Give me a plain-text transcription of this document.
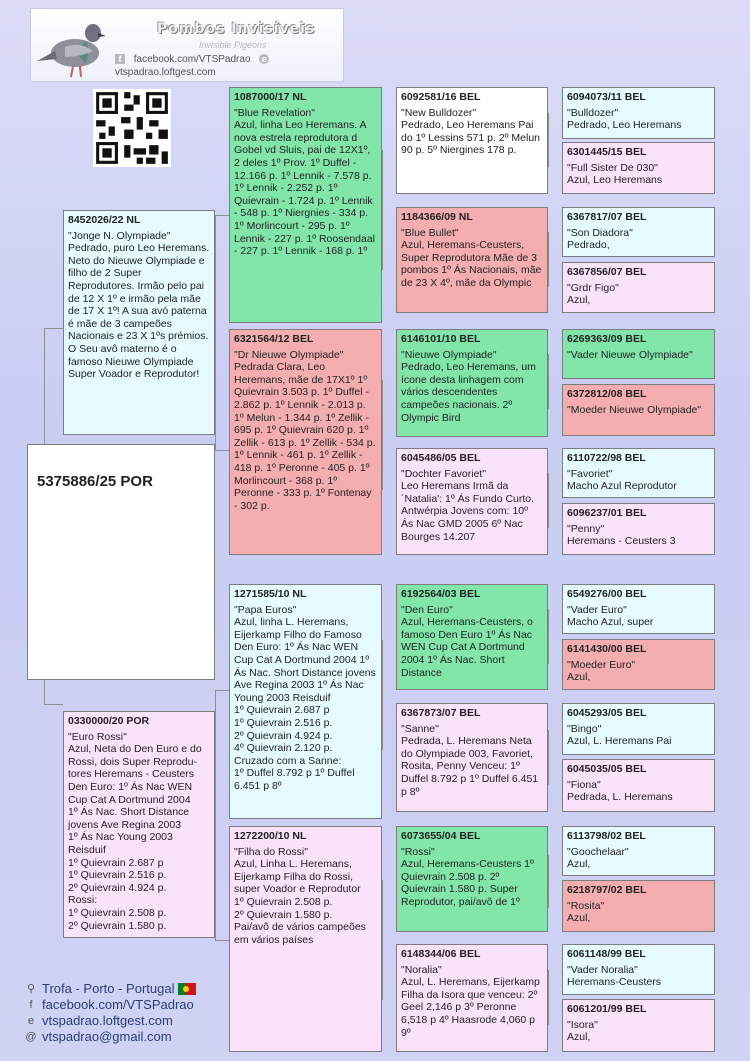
Pombos Invisíveis
Invisible Pigeons
f facebook.com/VTSPadrao e vtspadrao.loftgest.com
5375886/25 POR
8452026/22 NL
"Jonge N. Olympiade"
Pedrado, puro Leo Heremans. Neto do Nieuwe Olympiade e filho de 2 Super Reprodutores. Irmão pelo pai de 12 X 1º e irmão pela mãe de 17 X 1º! A sua avó paterna é mãe de 3 campeões Nacionais e 23 X 1ºs prémios. O Seu avô materno é o famoso Nieuwe Olympiade Super Voador e Reprodutor!
0330000/20 POR
"Euro Rossi"
Azul, Neta do Den Euro e do Rossi, dois Super Reprodu-tores Heremans - Ceusters Den Euro: 1º Ás Nac WEN Cup Cat A Dortmund 2004
1º Ás Nac. Short Distance jovens Ave Regina 2003
1º Ás Nac Young 2003 Reisduif
1º Quievrain 2.687 p
1º Quievrain 2.516 p.
2º Quievrain 4.924 p.
Rossi:
1º Quievrain 2.508 p.
2º Quievrain 1.580 p.
1087000/17 NL
"Blue Revelation"
Azul, linha Leo Heremans. A nova estrela reprodutora d Gobel vd Sluis, pai de 12X1º, 2 deles 1º Prov. 1º Duffel - 12.166 p. 1º Lennik - 7.578 p. 1º Lennik - 2.252 p. 1º Quievrain - 1.724 p. 1º Lennik - 548 p. 1º Niergnies - 334 p. 1º Morlincourt - 295 p. 1º Lennik - 227 p. 1º Roosendaal - 227 p. 1º Lennik - 168 p. 1º
6321564/12 BEL
"Dr Nieuwe Olympiade"
Pedrada Clara, Leo Heremans, mãe de 17X1º 1º Quievrain 3.503 p. 1º Duffel - 2.862 p. 1º Lennik - 2.013 p. 1º Melun - 1.344 p. 1º Zellik - 695 p. 1º Quievrain 620 p. 1º Zellik - 613 p. 1º Zellik - 534 p. 1º Lennik - 461 p. 1º Zellik - 418 p. 1º Peronne - 405 p. 1º Morlincourt - 368 p. 1º Peronne - 333 p. 1º Fontenay - 302 p.
1271585/10 NL
"Papa Euros"
Azul, linha L. Heremans, Eijerkamp Filho do Famoso Den Euro: 1º Ás Nac WEN Cup Cat A Dortmund 2004 1º Ás Nac. Short Distance jovens Ave Regina 2003 1º Ás Nac Young 2003 Reisduif
1º Quievrain 2.687 p
1º Quievrain 2.516 p.
2º Quievrain 4.924 p.
4º Quievrain 2.120 p.
Cruzado com a Sanne:
1º Duffel 8.792 p 1º Duffel 6.451 p 8º
1272200/10 NL
"Filha do Rossi"
Azul, Linha L. Heremans, Eijerkamp Filha do Rossi, super Voador e Reprodutor
1º Quievrain 2.508 p.
2º Quievrain 1.580 p.
Pai/avô de vários campeões em vários países
6092581/16 BEL
"New Bulldozer"
Pedrado, Leo Heremans Pai do 1º Lessins 571 p. 2º Melun 90 p. 5º Niergines 178 p.
1184366/09 NL
"Blue Bullet"
Azul, Heremans-Ceusters, Super Reprodutora Mãe de 3 pombos 1º Ás Nacionais, mãe de 23 X 4º, mãe da Olympic
6146101/10 BEL
"Nieuwe Olympiade"
Pedrado, Leo Heremans, um ícone desta linhagem com vários descendentes campeões nacionais. 2º Olympic Bird
6045486/05 BEL
"Dochter Favoriet"
Leo Heremans Irmã da ´Natalia': 1º Ás Fundo Curto.
Antwérpia Jovens com: 10º Ás Nac GMD 2005 6º Nac Bourges 14.207
6192564/03 BEL
"Den Euro"
Azul, Heremans-Ceusters, o famoso Den Euro 1º Ás Nac WEN Cup Cat A Dortmund 2004 1º Ás Nac. Short Distance
6367873/07 BEL
"Sanne"
Pedrada, L. Heremans Neta do Olympiade 003, Favoriet, Rosita, Penny Venceu: 1º Duffel 8.792 p 1º Duffel 6.451 p 8º
6073655/04 BEL
"Rossi"
Azul, Heremans-Ceusters 1º Quievrain 2.508 p. 2º Quievrain 1.580 p. Super Reprodutor, pai/avô de 1º
6148344/06 BEL
"Noralia"
Azul, L. Heremans, Eijerkamp Filha da Isora que venceu: 2º Geel 2,146 p 3º Peronne 6,518 p 4º Haasrode 4,060 p 9º
6094073/11 BEL
"Bulldozer"
Pedrado, Leo Heremans
6301445/15 BEL
"Full Sister De 030"
Azul, Leo Heremans
6367817/07 BEL
"Son Diadora"
Pedrado,
6367856/07 BEL
"Grdr Figo"
Azul,
6269363/09 BEL
"Vader Nieuwe Olympiade"
6372812/08 BEL
"Moeder Nieuwe Olympiade"
6110722/98 BEL
"Favoriet"
Macho Azul Reprodutor
6096237/01 BEL
"Penny"
Heremans - Ceusters 3
6549276/00 BEL
"Vader Euro"
Macho Azul, super
6141430/00 BEL
"Moeder Euro"
Azul,
6045293/05 BEL
"Bingo"
Azul, L. Heremans Pai
6045035/05 BEL
"Fiona"
Pedrada, L. Heremans
6113798/02 BEL
"Goochelaar"
Azul,
6218797/02 BEL
"Rosita"
Azul,
6061148/99 BEL
"Vader Noralia"
Heremans-Ceusters
6061201/99 BEL
"Isora"
Azul,
⚲ Trofa - Porto - Portugal
f facebook.com/VTSPadrao
e vtspadrao.loftgest.com
@ vtspadrao@gmail.com
